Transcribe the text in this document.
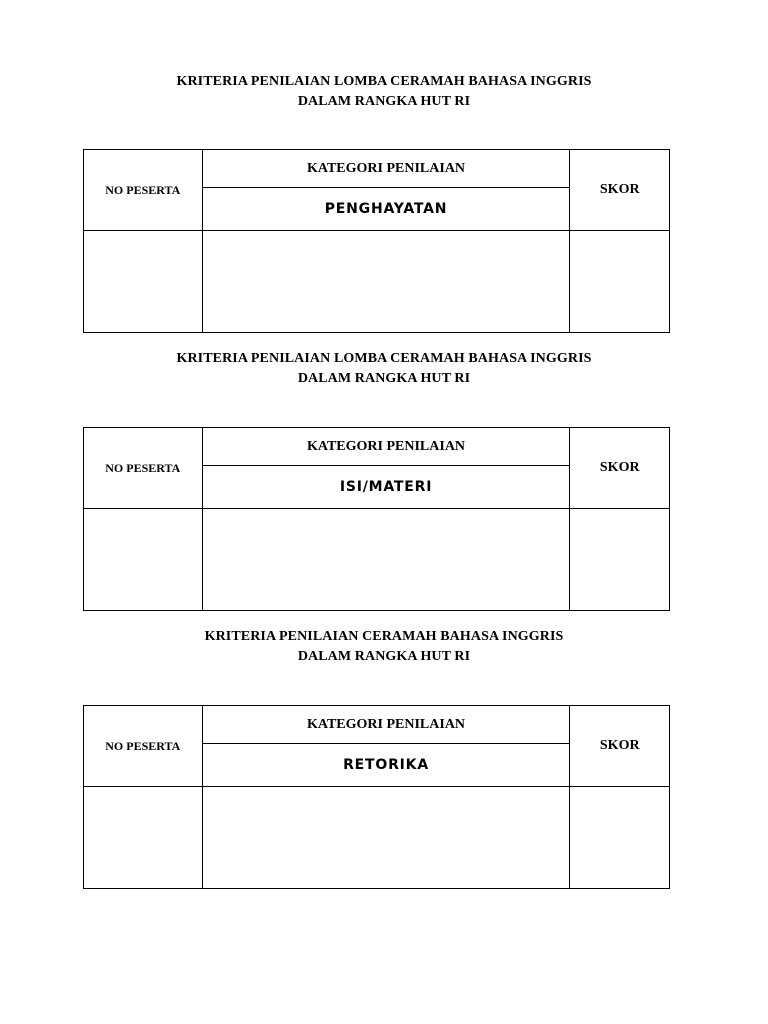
KRITERIA PENILAIAN LOMBA CERAMAH BAHASA INGGRIS
DALAM RANGKA HUT RI
NO PESERTA	KATEGORI PENILAIAN	SKOR
	PENGHAYATAN	

KRITERIA PENILAIAN LOMBA CERAMAH BAHASA INGGRIS
DALAM RANGKA HUT RI
NO PESERTA	KATEGORI PENILAIAN	SKOR
	ISI/MATERI	

KRITERIA PENILAIAN CERAMAH BAHASA INGGRIS
DALAM RANGKA HUT RI
NO PESERTA	KATEGORI PENILAIAN	SKOR
	RETORIKA	
